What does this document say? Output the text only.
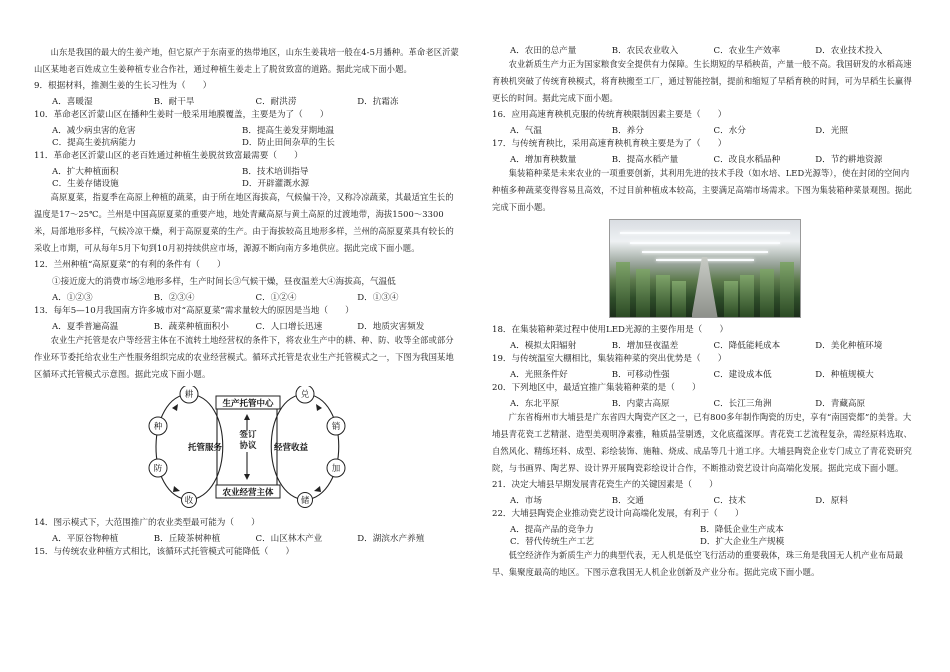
山东是我国的最大的生姜产地，但它原产于东南亚的热带地区，山东生姜栽培一般在4-5月播种。革命老区沂蒙山区某地老百姓成立生姜种植专业合作社，通过种植生姜走上了脱贫致富的道路。据此完成下面小题。

9．根据材料，推测生姜的生长习性为（　　）

A．喜暖湿	B．耐干旱	C．耐洪涝	D．抗霜冻

10．革命老区沂蒙山区在播种生姜时一般采用地膜覆盖，主要是为了（　　）

A．减少病虫害的危害	B．提高生姜发芽期地温
C．提高生姜抗病能力	D．防止田间杂草的生长

11．革命老区沂蒙山区的老百姓通过种植生姜脱贫致富最需要（　　）

A．扩大种植面积	B．技术培训指导
C．生姜存储设施	D．开辟灌溉水源

高原夏菜，指夏季在高原上种植的蔬菜，由于所在地区海拔高，气候偏干冷，又称冷凉蔬菜，其最适宜生长的温度是17～25℃。兰州是中国高原夏菜的重要产地，地处青藏高原与黄土高原的过渡地带，海拔1500～3300米，局部地形多样，气候冷凉干燥，利于高原夏菜的生产。由于海拔较高且地形多样，兰州的高原夏菜具有较长的采收上市期，可从每年5月下旬到10月初持续供应市场，源源不断向南方多地供应。据此完成下面小题。

12．兰州种植“高原夏菜”的有利的条件有（　　）

①接近庞大的消费市场②地形多样，生产时间长③气候干燥，昼夜温差大④海拔高，气温低

A．①②③	B．②③④	C．①②④	D．①③④

13．每年5—10月我国南方许多城市对“高原夏菜”需求量较大的原因是当地（　　）

A．夏季普遍高温	B．蔬菜种植面积小	C．人口增长迅速	D．地质灾害频发

农业生产托管是农户等经营主体在不流转土地经营权的条件下，将农业生产中的耕、种、防、收等全部或部分作业环节委托给农业生产性服务组织完成的农业经营模式。循环式托管是农业生产托管模式之一，下图为我国某地区循环式托管模式示意图。据此完成下面小题。

耕
种
防
收
兑
销
加
储
生产托管中心
农业经营主体
托管服务	经营收益
签订协议

14．图示模式下，大范围推广的农业类型最可能为（　　）

A．平原谷物种植	B．丘陵茶树种植	C．山区林木产业	D．湖滨水产养殖

15．与传统农业种植方式相比，该循环式托管模式可能降低（　　）

A．农田的总产量	B．农民农业收入	C．农业生产效率	D．农业技术投入

农业新质生产力正为国家粮食安全提供有力保障。生长期短的早稻秧苗，产量一般不高。我国研发的水稻高速育秧机突破了传统育秧模式，将育秧搬至工厂，通过智能控制，提前和缩短了早稻育秧的时间，可为早稻生长赢得更长的时间。据此完成下面小题。

16．应用高速育秧机克服的传统育秧限制因素主要是（　　）

A．气温	B．养分	C．水分	D．光照

17．与传统育秧比，采用高速育秧机育秧主要是为了（　　）

A．增加育秧数量	B．提高水稻产量	C．改良水稻品种	D．节约耕地资源

集装箱种菜是未来农业的一项重要创新，其利用先进的技术手段（如水培、LED光源等），使在封闭的空间内种植多种蔬菜变得容易且高效，不过目前种植成本较高，主要满足高端市场需求。下图为集装箱种菜景观图。据此完成下面小题。

18．在集装箱种菜过程中使用LED光源的主要作用是（　　）

A．模拟太阳辐射	B．增加昼夜温差	C．降低能耗成本	D．美化种植环境

19．与传统温室大棚相比，集装箱种菜的突出优势是（　　）

A．光照条件好	B．可移动性强	C．建设成本低	D．种植规模大

20．下列地区中，最适宜推广集装箱种菜的是（　　）

A．东北平原	B．内蒙古高原	C．长江三角洲	D．青藏高原

广东省梅州市大埔县是广东省四大陶瓷产区之一，已有800多年制作陶瓷的历史，享有“南国瓷都”的美誉。大埔县青花瓷工艺精湛、造型美观明净素雅，釉质晶莹剔透，文化底蕴深厚。青花瓷工艺流程复杂，需经原料选取、自然风化、精练坯料、成型、彩绘装饰、施釉、烧成、成品等几十道工序。大埔县陶瓷企业专门成立了青花瓷研究院，与书画界、陶艺界、设计界开展陶瓷彩绘设计合作，不断推动瓷艺设计向高端化发展。据此完成下面小题。

21．决定大埔县早期发展青花瓷生产的关键因素是（　　）

A．市场	B．交通	C．技术	D．原料

22．大埔县陶瓷企业推动瓷艺设计向高端化发展，有利于（　　）

A．提高产品的竞争力	B．降低企业生产成本
C．替代传统生产工艺	D．扩大企业生产规模

低空经济作为新质生产力的典型代表，无人机是低空飞行活动的重要载体，珠三角是我国无人机产业布局最早、集聚度最高的地区。下图示意我国无人机企业创新及产业分布。据此完成下面小题。
